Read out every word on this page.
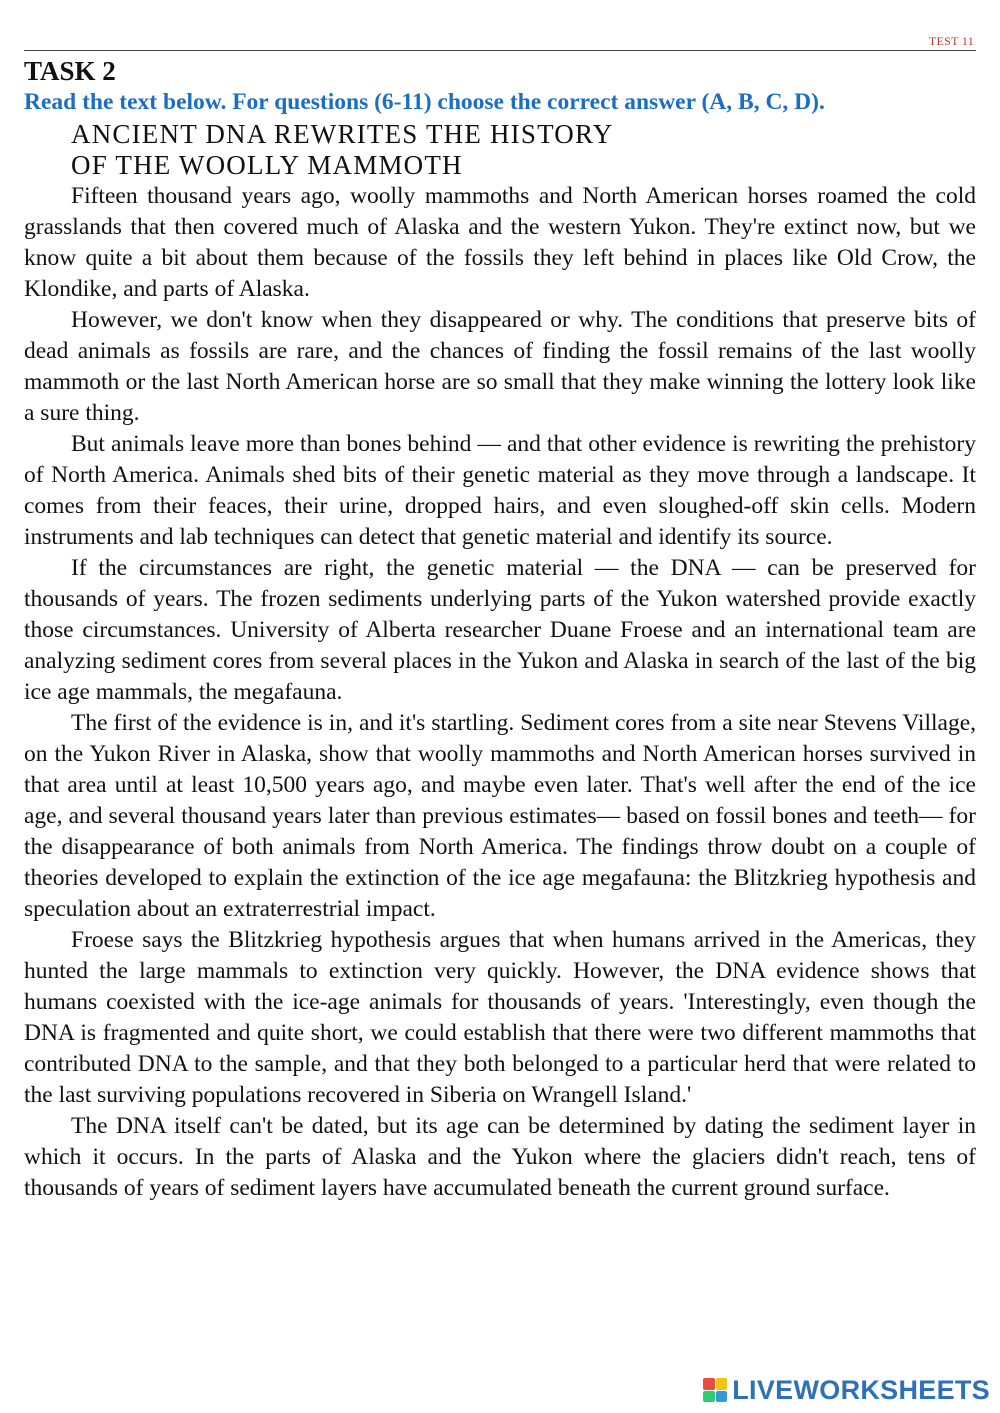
TEST 11
TASK 2

Read the text below. For questions (6-11) choose the correct answer (A, B, C, D).

ANCIENT DNA REWRITES THE HISTORY
OF THE WOOLLY MAMMOTH

Fifteen thousand years ago, woolly mammoths and North American horses roamed the cold grasslands that then covered much of Alaska and the western Yukon. They're extinct now, but we know quite a bit about them because of the fossils they left behind in places like Old Crow, the Klondike, and parts of Alaska.

However, we don't know when they disappeared or why. The conditions that preserve bits of dead animals as fossils are rare, and the chances of finding the fossil remains of the last woolly mammoth or the last North American horse are so small that they make winning the lottery look like a sure thing.

But animals leave more than bones behind — and that other evidence is rewriting the prehistory of North America. Animals shed bits of their genetic material as they move through a landscape. It comes from their feaces, their urine, dropped hairs, and even sloughed-off skin cells. Modern instruments and lab techniques can detect that genetic material and identify its source.

If the circumstances are right, the genetic material — the DNA — can be preserved for thousands of years. The frozen sediments underlying parts of the Yukon watershed provide exactly those circumstances. University of Alberta researcher Duane Froese and an international team are analyzing sediment cores from several places in the Yukon and Alaska in search of the last of the big ice age mammals, the megafauna.

The first of the evidence is in, and it's startling. Sediment cores from a site near Stevens Village, on the Yukon River in Alaska, show that woolly mammoths and North American horses survived in that area until at least 10,500 years ago, and maybe even later. That's well after the end of the ice age, and several thousand years later than previous estimates— based on fossil bones and teeth— for the disappearance of both animals from North America. The findings throw doubt on a couple of theories developed to explain the extinction of the ice age megafauna: the Blitzkrieg hypothesis and speculation about an extraterrestrial impact.

Froese says the Blitzkrieg hypothesis argues that when humans arrived in the Americas, they hunted the large mammals to extinction very quickly. However, the DNA evidence shows that humans coexisted with the ice-age animals for thousands of years. 'Interestingly, even though the DNA is fragmented and quite short, we could establish that there were two different mammoths that contributed DNA to the sample, and that they both belonged to a particular herd that were related to the last surviving populations recovered in Siberia on Wrangell Island.'

The DNA itself can't be dated, but its age can be determined by dating the sediment layer in which it occurs. In the parts of Alaska and the Yukon where the glaciers didn't reach, tens of thousands of years of sediment layers have accumulated beneath the current ground surface.

LIVEWORKSHEETS
